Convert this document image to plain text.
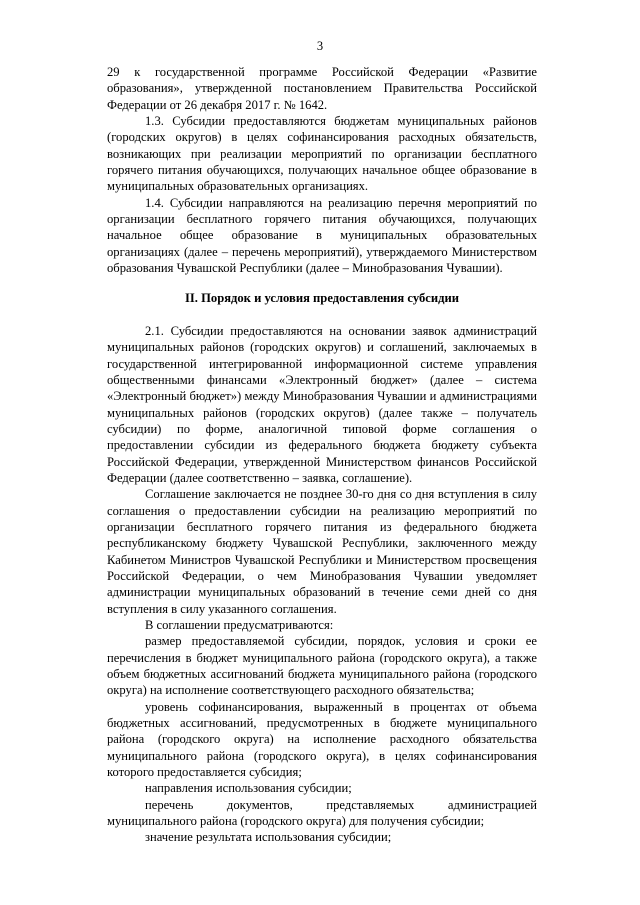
3

29 к государственной программе Российской Федерации «Развитие образования», утвержденной постановлением Правительства Российской Федерации от 26 декабря 2017 г. № 1642.

1.3. Субсидии предоставляются бюджетам муниципальных районов (городских округов) в целях софинансирования расходных обязательств, возникающих при реализации мероприятий по организации бесплатного горячего питания обучающихся, получающих начальное общее образование в муниципальных образовательных организациях.

1.4. Субсидии направляются на реализацию перечня мероприятий по организации бесплатного горячего питания обучающихся, получающих начальное общее образование в муниципальных образовательных организациях (далее – перечень мероприятий), утверждаемого Министерством образования Чувашской Республики (далее – Минобразования Чувашии).

II. Порядок и условия предоставления субсидии

2.1. Субсидии предоставляются на основании заявок администраций муниципальных районов (городских округов) и соглашений, заключаемых в государственной интегрированной информационной системе управления общественными финансами «Электронный бюджет» (далее – система «Электронный бюджет») между Минобразования Чувашии и администрациями муниципальных районов (городских округов) (далее также – получатель субсидии) по форме, аналогичной типовой форме соглашения о предоставлении субсидии из федерального бюджета бюджету субъекта Российской Федерации, утвержденной Министерством финансов Российской Федерации (далее соответственно – заявка, соглашение).

Соглашение заключается не позднее 30-го дня со дня вступления в силу соглашения о предоставлении субсидии на реализацию мероприятий по организации бесплатного горячего питания из федерального бюджета республиканскому бюджету Чувашской Республики, заключенного между Кабинетом Министров Чувашской Республики и Министерством просвещения Российской Федерации, о чем Минобразования Чувашии уведомляет администрации муниципальных образований в течение семи дней со дня вступления в силу указанного соглашения.

В соглашении предусматриваются:

размер предоставляемой субсидии, порядок, условия и сроки ее перечисления в бюджет муниципального района (городского округа), а также объем бюджетных ассигнований бюджета муниципального района (городского округа) на исполнение соответствующего расходного обязательства;

уровень софинансирования, выраженный в процентах от объема бюджетных ассигнований, предусмотренных в бюджете муниципального района (городского округа) на исполнение расходного обязательства муниципального района (городского округа), в целях софинансирования которого предоставляется субсидия;

направления использования субсидии;

перечень документов, представляемых администрацией муниципального района (городского округа) для получения субсидии;

значение результата использования субсидии;
